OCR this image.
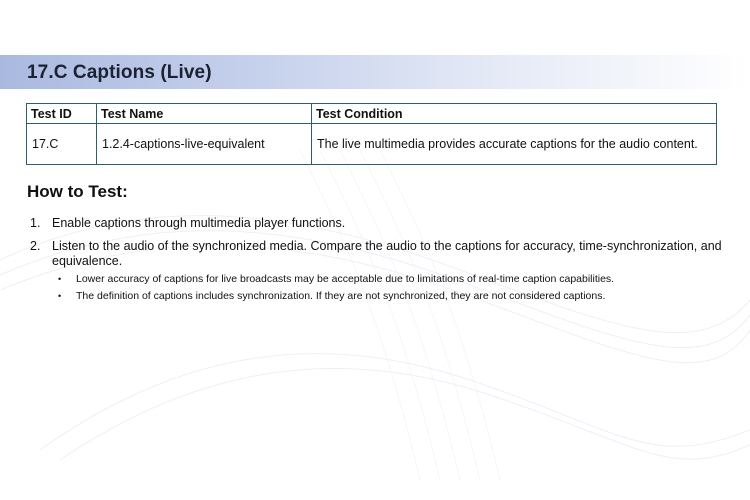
17.C Captions (Live)
Test ID	Test Name	Test Condition
17.C	1.2.4-captions-live-equivalent	The live multimedia provides accurate captions for the audio content.
How to Test:
1. Enable captions through multimedia player functions.
2. Listen to the audio of the synchronized media. Compare the audio to the captions for accuracy, time-synchronization, and equivalence.
•	Lower accuracy of captions for live broadcasts may be acceptable due to limitations of real-time caption capabilities.
•	The definition of captions includes synchronization. If they are not synchronized, they are not considered captions.
